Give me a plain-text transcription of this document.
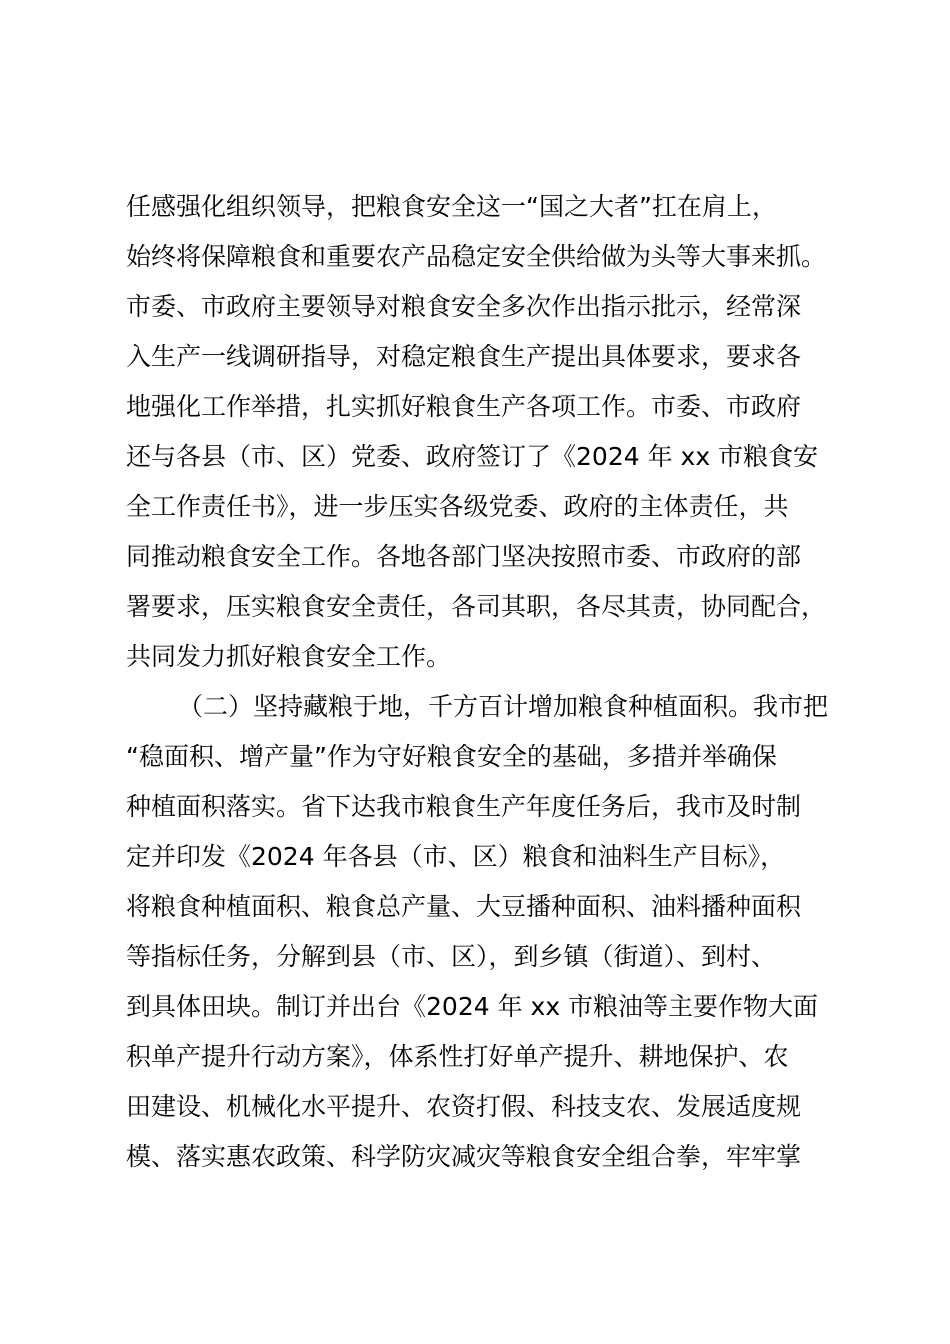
任感强化组织领导，把粮食安全这一“国之大者”扛在肩上，

始终将保障粮食和重要农产品稳定安全供给做为头等大事来抓。

市委、市政府主要领导对粮食安全多次作出指示批示，经常深

入生产一线调研指导，对稳定粮食生产提出具体要求，要求各

地强化工作举措，扎实抓好粮食生产各项工作。市委、市政府

还与各县（市、区）党委、政府签订了《2024 年 xx 市粮食安

全工作责任书》，进一步压实各级党委、政府的主体责任，共

同推动粮食安全工作。各地各部门坚决按照市委、市政府的部

署要求，压实粮食安全责任，各司其职，各尽其责，协同配合，

共同发力抓好粮食安全工作。

（二）坚持藏粮于地，千方百计增加粮食种植面积。我市把

“稳面积、增产量”作为守好粮食安全的基础，多措并举确保

种植面积落实。省下达我市粮食生产年度任务后，我市及时制

定并印发《2024 年各县（市、区）粮食和油料生产目标》，

将粮食种植面积、粮食总产量、大豆播种面积、油料播种面积

等指标任务，分解到县（市、区），到乡镇（街道）、到村、

到具体田块。制订并出台《2024 年 xx 市粮油等主要作物大面

积单产提升行动方案》，体系性打好单产提升、耕地保护、农

田建设、机械化水平提升、农资打假、科技支农、发展适度规

模、落实惠农政策、科学防灾减灾等粮食安全组合拳，牢牢掌
